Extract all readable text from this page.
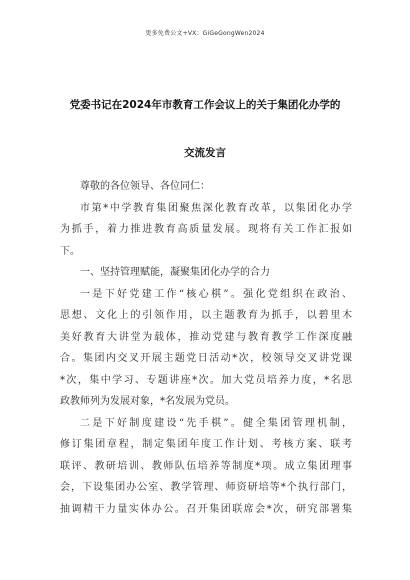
更多免费公文+VX：GiGeGongWen2024
党委书记在2024年市教育工作会议上的关于集团化办学的
交流发言
尊敬的各位领导、各位同仁：
市第*中学教育集团聚焦深化教育改革，以集团化办学
为抓手，着力推进教育高质量发展。现将有关工作汇报如
下。
一、坚持管理赋能，凝聚集团化办学的合力
一是下好党建工作“核心棋”。强化党组织在政治、
思想、文化上的引领作用，以主题教育为抓手，以碧里木
美好教育大讲堂为载体，推动党建与教育教学工作深度融
合。集团内交叉开展主题党日活动*次，校领导交叉讲党课
*次，集中学习、专题讲座*次。加大党员培养力度，*名思
政教师列为发展对象，*名发展为党员。
二是下好制度建设“先手棋”。健全集团管理机制，
修订集团章程，制定集团年度工作计划、考核方案、联考
联评、教研培训、教师队伍培养等制度*项。成立集团理事
会，下设集团办公室、教学管理、师资研培等*个执行部门，
抽调精干力量实体办公。召开集团联席会*次，研究部署集
